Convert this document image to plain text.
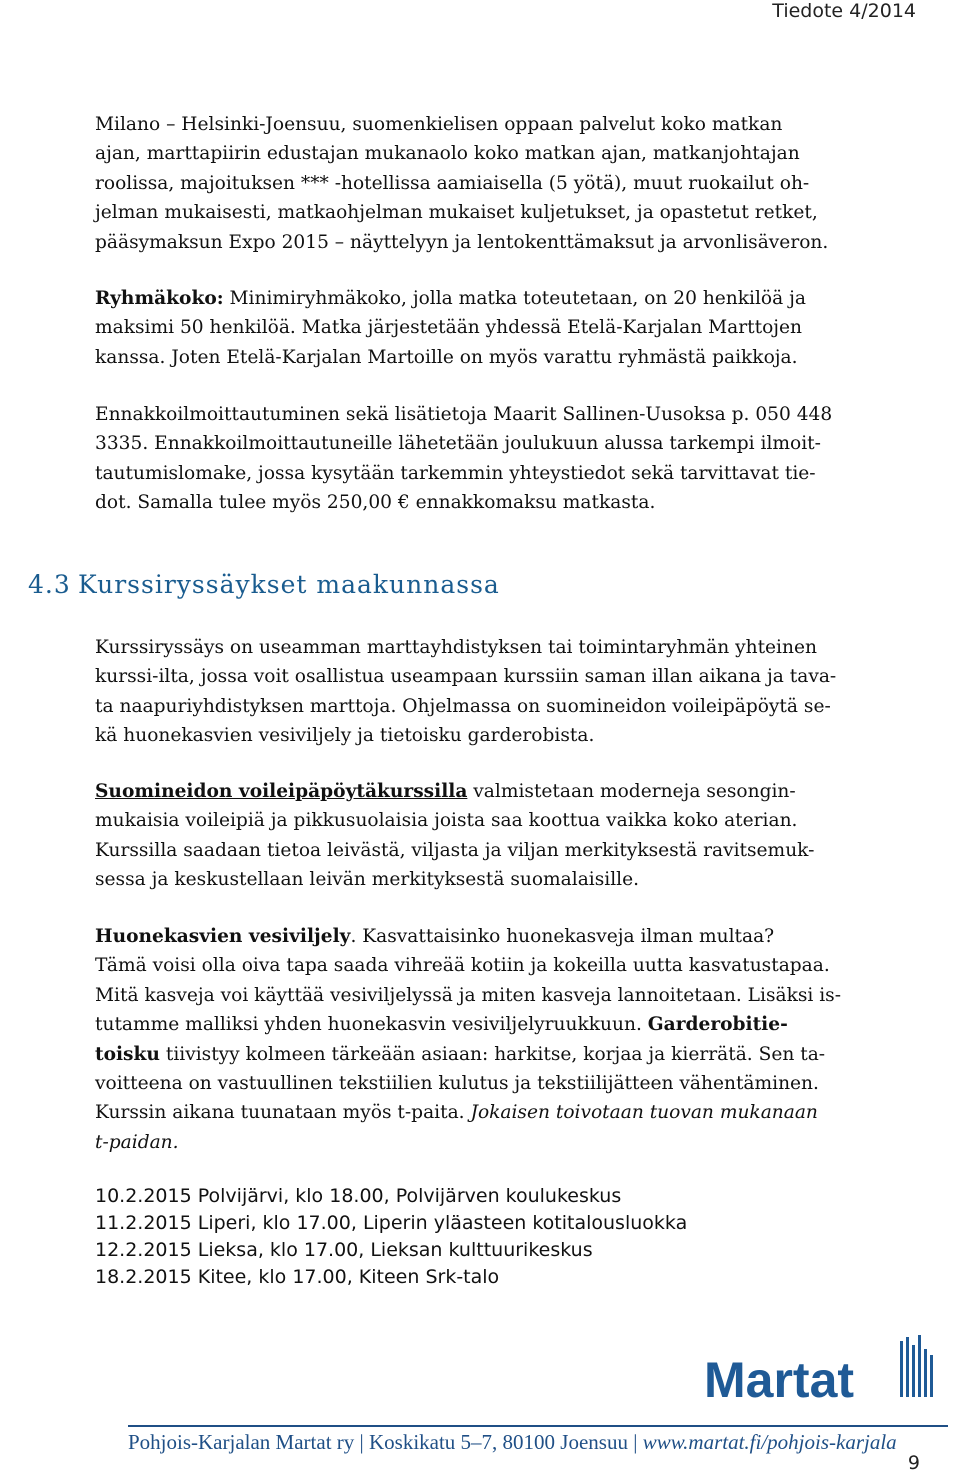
Tiedote 4/2014
Milano – Helsinki-Joensuu, suomenkielisen oppaan palvelut koko matkan
ajan, marttapiirin edustajan mukanaolo koko matkan ajan, matkanjohtajan
roolissa, majoituksen *** -hotellissa aamiaisella (5 yötä), muut ruokailut oh-
jelman mukaisesti, matkaohjelman mukaiset kuljetukset, ja opastetut retket,
pääsymaksun Expo 2015 – näyttelyyn ja lentokenttämaksut ja arvonlisäveron.
Ryhmäkoko: Minimiryhmäkoko, jolla matka toteutetaan, on 20 henkilöä ja
maksimi 50 henkilöä. Matka järjestetään yhdessä Etelä-Karjalan Marttojen
kanssa. Joten Etelä-Karjalan Martoille on myös varattu ryhmästä paikkoja.
Ennakkoilmoittautuminen sekä lisätietoja Maarit Sallinen-Uusoksa p. 050 448
3335. Ennakkoilmoittautuneille lähetetään joulukuun alussa tarkempi ilmoit-
tautumislomake, jossa kysytään tarkemmin yhteystiedot sekä tarvittavat tie-
dot. Samalla tulee myös 250,00 € ennakkomaksu matkasta.
4.3 Kurssiryssäykset maakunnassa
Kurssiryssäys on useamman marttayhdistyksen tai toimintaryhmän yhteinen
kurssi-ilta, jossa voit osallistua useampaan kurssiin saman illan aikana ja tava-
ta naapuriyhdistyksen marttoja. Ohjelmassa on suomineidon voileipäpöytä se-
kä huonekasvien vesiviljely ja tietoisku garderobista.
Suomineidon voileipäpöytäkurssilla valmistetaan moderneja sesongin-
mukaisia voileipiä ja pikkusuolaisia joista saa koottua vaikka koko aterian.
Kurssilla saadaan tietoa leivästä, viljasta ja viljan merkityksestä ravitsemuk-
sessa ja keskustellaan leivän merkityksestä suomalaisille.
Huonekasvien vesiviljely. Kasvattaisinko huonekasveja ilman multaa?
Tämä voisi olla oiva tapa saada vihreää kotiin ja kokeilla uutta kasvatustapaa.
Mitä kasveja voi käyttää vesiviljelyssä ja miten kasveja lannoitetaan. Lisäksi is-
tutamme malliksi yhden huonekasvin vesiviljelyruukkuun. Garderobitie-
toisku tiivistyy kolmeen tärkeään asiaan: harkitse, korjaa ja kierrätä. Sen ta-
voitteena on vastuullinen tekstiilien kulutus ja tekstiilijätteen vähentäminen.
Kurssin aikana tuunataan myös t-paita. Jokaisen toivotaan tuovan mukanaan
t-paidan.
10.2.2015 Polvijärvi, klo 18.00, Polvijärven koulukeskus
11.2.2015 Liperi, klo 17.00, Liperin yläasteen kotitalousluokka
12.2.2015 Lieksa, klo 17.00, Lieksan kulttuurikeskus
18.2.2015 Kitee, klo 17.00, Kiteen Srk-talo
Martat
Pohjois-Karjalan Martat ry | Koskikatu 5–7, 80100 Joensuu | www.martat.fi/pohjois-karjala
9
